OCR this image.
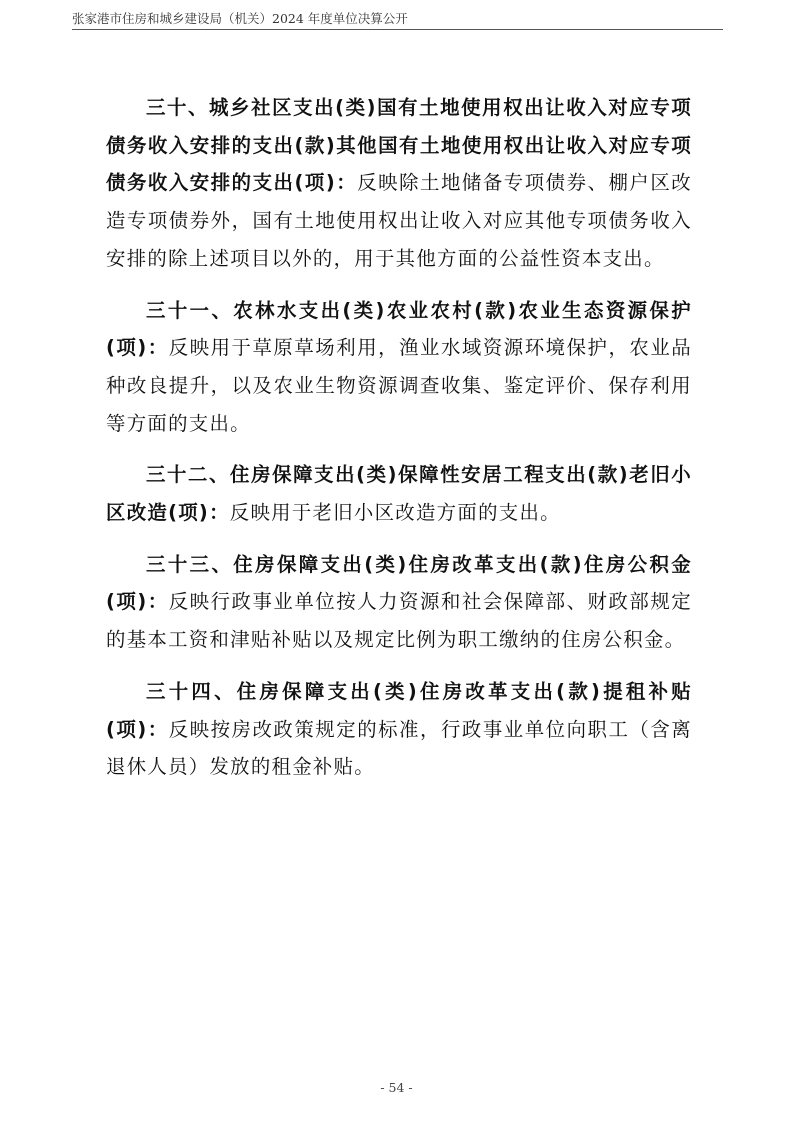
张家港市住房和城乡建设局（机关）2024 年度单位决算公开

三十、城乡社区支出(类)国有土地使用权出让收入对应专项债务收入安排的支出(款)其他国有土地使用权出让收入对应专项债务收入安排的支出(项)：反映除土地储备专项债券、棚户区改造专项债券外，国有土地使用权出让收入对应其他专项债务收入安排的除上述项目以外的，用于其他方面的公益性资本支出。

三十一、农林水支出(类)农业农村(款)农业生态资源保护(项)：反映用于草原草场利用，渔业水域资源环境保护，农业品种改良提升，以及农业生物资源调查收集、鉴定评价、保存利用等方面的支出。

三十二、住房保障支出(类)保障性安居工程支出(款)老旧小区改造(项)：反映用于老旧小区改造方面的支出。

三十三、住房保障支出(类)住房改革支出(款)住房公积金(项)：反映行政事业单位按人力资源和社会保障部、财政部规定的基本工资和津贴补贴以及规定比例为职工缴纳的住房公积金。

三十四、住房保障支出(类)住房改革支出(款)提租补贴(项)：反映按房改政策规定的标准，行政事业单位向职工（含离退休人员）发放的租金补贴。

- 54 -
